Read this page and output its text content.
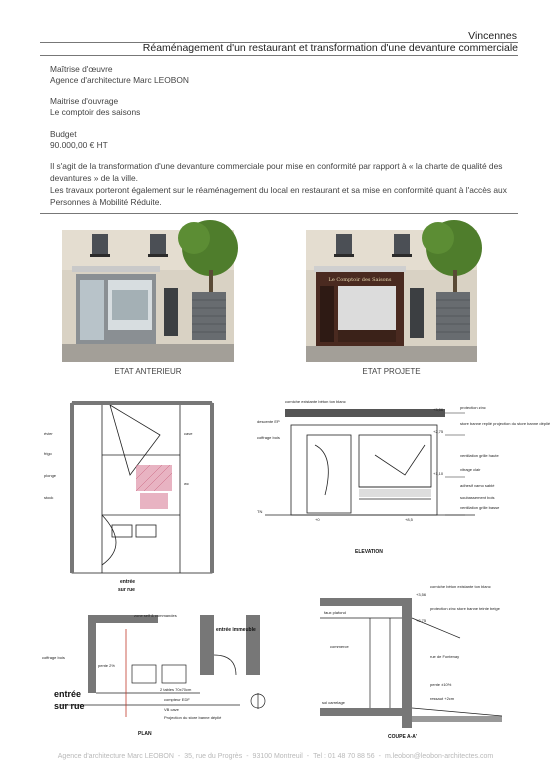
Vincennes
Réaménagement d'un restaurant et transformation d'une devanture commerciale
Maîtrise d'œuvre
Agence d'architecture Marc LEOBON
Maitrise d'ouvrage
Le comptoir des saisons
Budget
90.000,00 € HT
Il s'agit de la transformation d'une devanture commerciale pour mise en conformité par rapport à « la charte de qualité des devantures » de la ville.
Les travaux porteront également sur le réaménagement du local en restaurant et sa mise en conformité quant à l'accès aux Personnes à Mobilité Réduite.
ETAT ANTERIEUR
Le Comptoir des Saisons
ETAT PROJETE
évier
frigo
plonge
stock
cave
wc
entrée
sur rue
corniche existante béton ton blanc
protection zinc
store banne replié projection du store banne déplié
descente EP
coffrage bois
ventilation grille haute
vitrage clair
adhesif vamo sablé
soubassement bois
ventilation grille basse
TN
+3,56
+2,75
+1,10
+0	+8,5
ELEVATION
zone self & commandes
entrée immeuble
coffrage bois
pente 2%
2 tables 70x70cm
compteur EDF
VB cave
Projection du store banne déplié
entrée
sur rue
PLAN
corniche béton existante ton blanc
protection zinc store banne teinte beige
faux plafond
commerce
rue de Fontenay
sol carrelage
pente ±10%
ressaut +2cm
+3,56
+2,75
COUPE A-A'
Agence d'architecture Marc LEOBON - 35, rue du Progrès - 93100 Montreuil - Tel : 01 48 70 88 56 - m.leobon@leobon-architectes.com
